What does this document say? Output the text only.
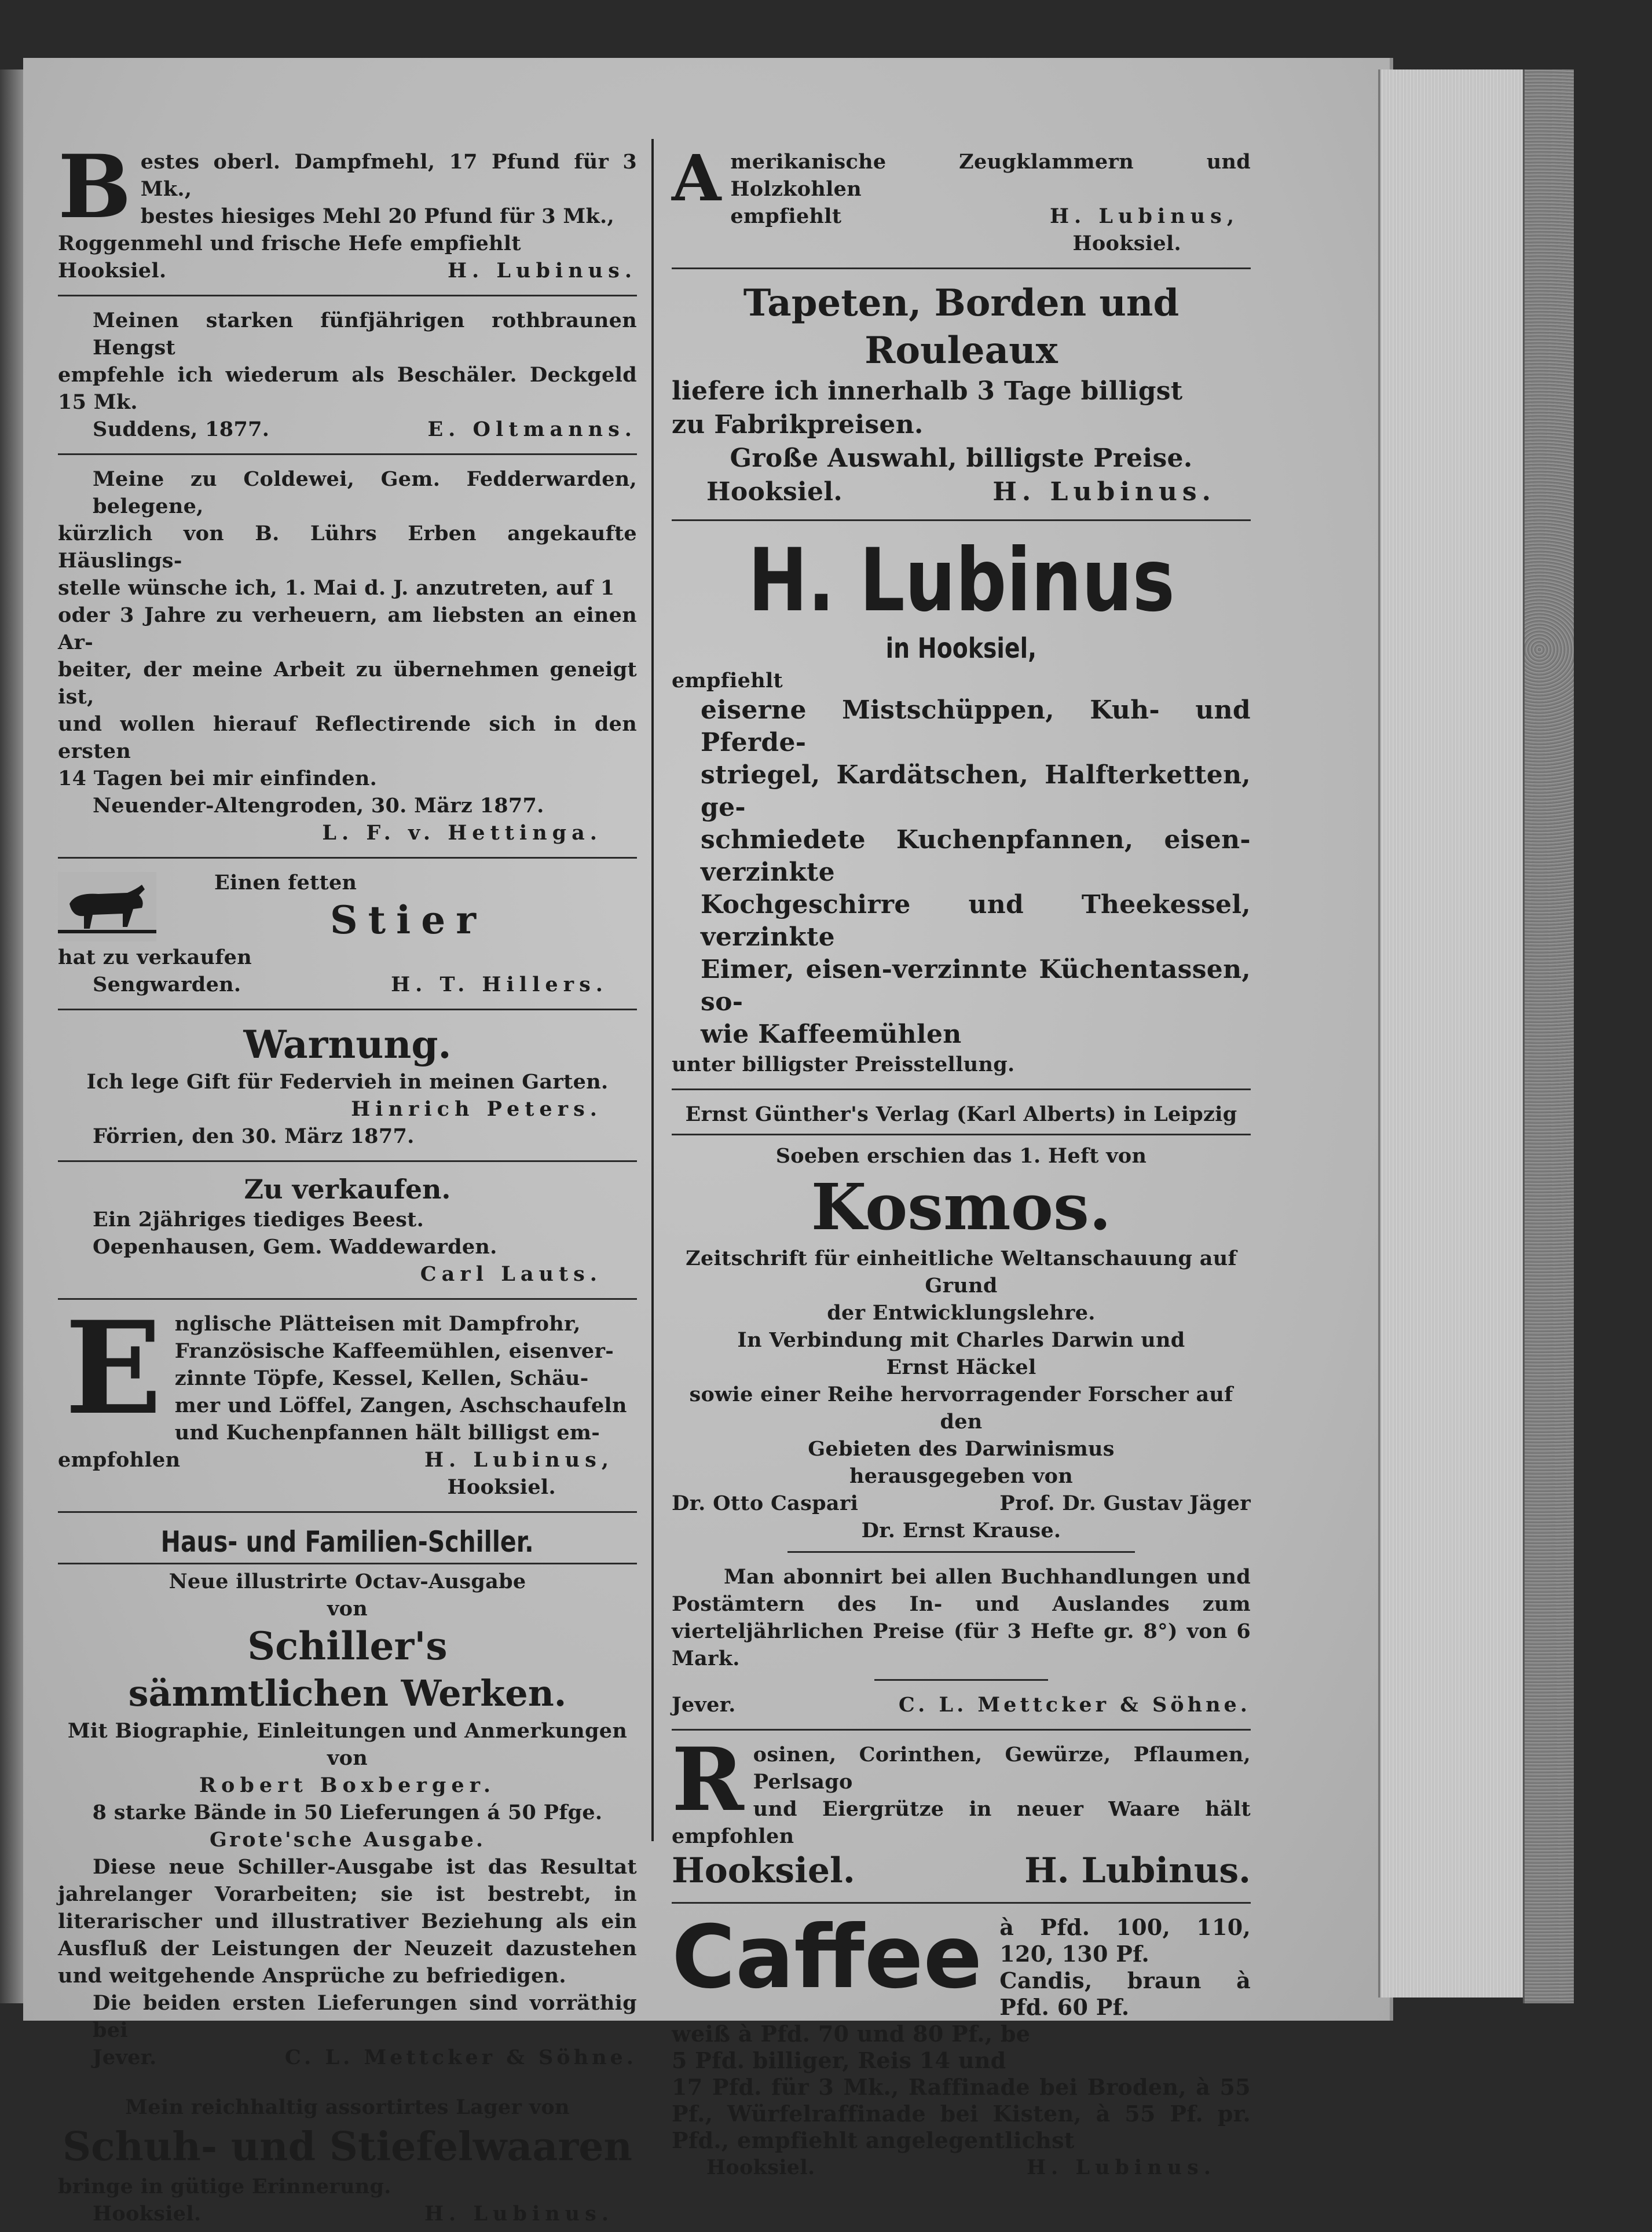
B estes oberl. Dampfmehl, 17 Pfund für 3 Mk.,
bestes hiesiges Mehl 20 Pfund für 3 Mk.,
Roggenmehl und frische Hefe empfiehlt
Hooksiel.	H. Lubinus.
Meinen starken fünfjährigen rothbraunen Hengst
empfehle ich wiederum als Beschäler. Deckgeld 15 Mk.
Suddens, 1877.	E. Oltmanns.
Meine zu Coldewei, Gem. Fedderwarden, belegene,
kürzlich von B. Lührs Erben angekaufte Häuslings-
stelle wünsche ich, 1. Mai d. J. anzutreten, auf 1
oder 3 Jahre zu verheuern, am liebsten an einen Ar-
beiter, der meine Arbeit zu übernehmen geneigt ist,
und wollen hierauf Reflectirende sich in den ersten
14 Tagen bei mir einfinden.
Neuender-Altengroden, 30. März 1877.
L. F. v. Hettinga.
Einen fetten
Stier
hat zu verkaufen
Sengwarden.	H. T. Hillers.
Warnung.
Ich lege Gift für Federvieh in meinen Garten.
Hinrich Peters.
Förrien, den 30. März 1877.
Zu verkaufen.
Ein 2jähriges tiediges Beest.
Oepenhausen, Gem. Waddewarden.
Carl Lauts.
E nglische Plätteisen mit Dampfrohr,
Französische Kaffeemühlen, eisenver-
zinnte Töpfe, Kessel, Kellen, Schäu-
mer und Löffel, Zangen, Aschschaufeln
und Kuchenpfannen hält billigst em-
empfohlen	H. Lubinus,
Hooksiel.
Haus- und Familien-Schiller.
Neue illustrirte Octav-Ausgabe
von
Schiller's
sämmtlichen Werken.
Mit Biographie, Einleitungen und Anmerkungen
von
Robert Boxberger.
8 starke Bände in 50 Lieferungen á 50 Pfge.
Grote'sche Ausgabe.
Diese neue Schiller-Ausgabe ist das Resultat jahrelanger Vorarbeiten; sie ist bestrebt, in literarischer und illustrativer Beziehung als ein Ausfluß der Leistungen der Neuzeit dazustehen und weitgehende Ansprüche zu befriedigen.
Die beiden ersten Lieferungen sind vorräthig bei
Jever.	C. L. Mettcker & Söhne.
Mein reichhaltig assortirtes Lager von
Schuh- und Stiefelwaaren
bringe in gütige Erinnerung.
Hooksiel.	H. Lubinus.
A merikanische Zeugklammern und Holzkohlen
empfiehlt	H. Lubinus,
Hooksiel.
Tapeten, Borden und
Rouleaux
liefere ich innerhalb 3 Tage billigst
zu Fabrikpreisen.
Große Auswahl, billigste Preise.
Hooksiel.	H. Lubinus.
H. Lubinus
in Hooksiel,
empfiehlt
eiserne Mistschüppen, Kuh- und Pferde-
striegel, Kardätschen, Halfterketten, ge-
schmiedete Kuchenpfannen, eisen-verzinkte
Kochgeschirre und Theekessel, verzinkte
Eimer, eisen-verzinnte Küchentassen, so-
wie Kaffeemühlen
unter billigster Preisstellung.
Ernst Günther's Verlag (Karl Alberts) in Leipzig
Soeben erschien das 1. Heft von
Kosmos.
Zeitschrift für einheitliche Weltanschauung auf Grund
der Entwicklungslehre.
In Verbindung mit Charles Darwin und
Ernst Häckel
sowie einer Reihe hervorragender Forscher auf den
Gebieten des Darwinismus
herausgegeben von
Dr. Otto Caspari	Prof. Dr. Gustav Jäger
Dr. Ernst Krause.
Man abonnirt bei allen Buchhandlungen und Postämtern des In- und Auslandes zum vierteljährlichen Preise (für 3 Hefte gr. 8°) von 6 Mark.
Jever.	C. L. Mettcker & Söhne.
R osinen, Corinthen, Gewürze, Pflaumen, Perlsago
und Eiergrütze in neuer Waare hält empfohlen
Hooksiel.	H. Lubinus.
Caffee à Pfd. 100, 110, 120, 130 Pf.
Candis, braun à Pfd. 60 Pf.
weiß à Pfd. 70 und 80 Pf., be
5 Pfd. billiger, Reis 14 und
17 Pfd. für 3 Mk., Raffinade bei Broden, à 55 Pf., Würfelraffinade bei Kisten, à 55 Pf. pr. Pfd., empfiehlt angelegentlichst
Hooksiel.	H. Lubinus.
